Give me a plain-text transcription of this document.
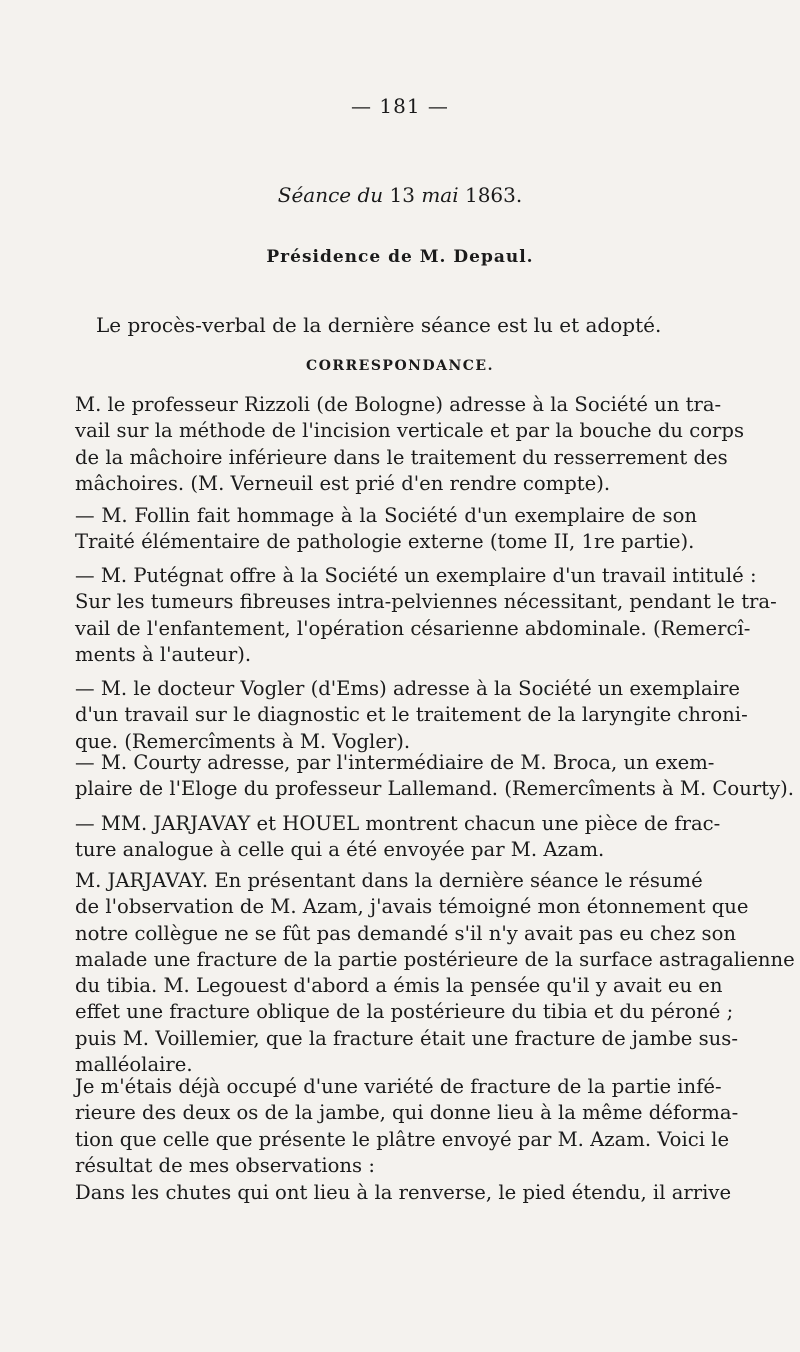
— 181 —
Séance du 13 mai 1863.
Présidence de M. Depaul.
Le procès-verbal de la dernière séance est lu et adopté.
CORRESPONDANCE.
M. le professeur Rizzoli (de Bologne) adresse à la Société un tra-
vail sur la méthode de l'incision verticale et par la bouche du corps
de la mâchoire inférieure dans le traitement du resserrement des
mâchoires. (M. Verneuil est prié d'en rendre compte).
— M. Follin fait hommage à la Société d'un exemplaire de son
Traité élémentaire de pathologie externe (tome II, 1re partie).
— M. Putégnat offre à la Société un exemplaire d'un travail intitulé :
Sur les tumeurs fibreuses intra-pelviennes nécessitant, pendant le tra-
vail de l'enfantement, l'opération césarienne abdominale. (Remercî-
ments à l'auteur).
— M. le docteur Vogler (d'Ems) adresse à la Société un exemplaire
d'un travail sur le diagnostic et le traitement de la laryngite chroni-
que. (Remercîments à M. Vogler).
— M. Courty adresse, par l'intermédiaire de M. Broca, un exem-
plaire de l'Eloge du professeur Lallemand. (Remercîments à M. Courty).
— MM. JARJAVAY et HOUEL montrent chacun une pièce de frac-
ture analogue à celle qui a été envoyée par M. Azam.
M. JARJAVAY. En présentant dans la dernière séance le résumé
de l'observation de M. Azam, j'avais témoigné mon étonnement que
notre collègue ne se fût pas demandé s'il n'y avait pas eu chez son
malade une fracture de la partie postérieure de la surface astragalienne
du tibia. M. Legouest d'abord a émis la pensée qu'il y avait eu en
effet une fracture oblique de la postérieure du tibia et du péroné ;
puis M. Voillemier, que la fracture était une fracture de jambe sus-
malléolaire.
Je m'étais déjà occupé d'une variété de fracture de la partie infé-
rieure des deux os de la jambe, qui donne lieu à la même déforma-
tion que celle que présente le plâtre envoyé par M. Azam. Voici le
résultat de mes observations :
Dans les chutes qui ont lieu à la renverse, le pied étendu, il arrive
